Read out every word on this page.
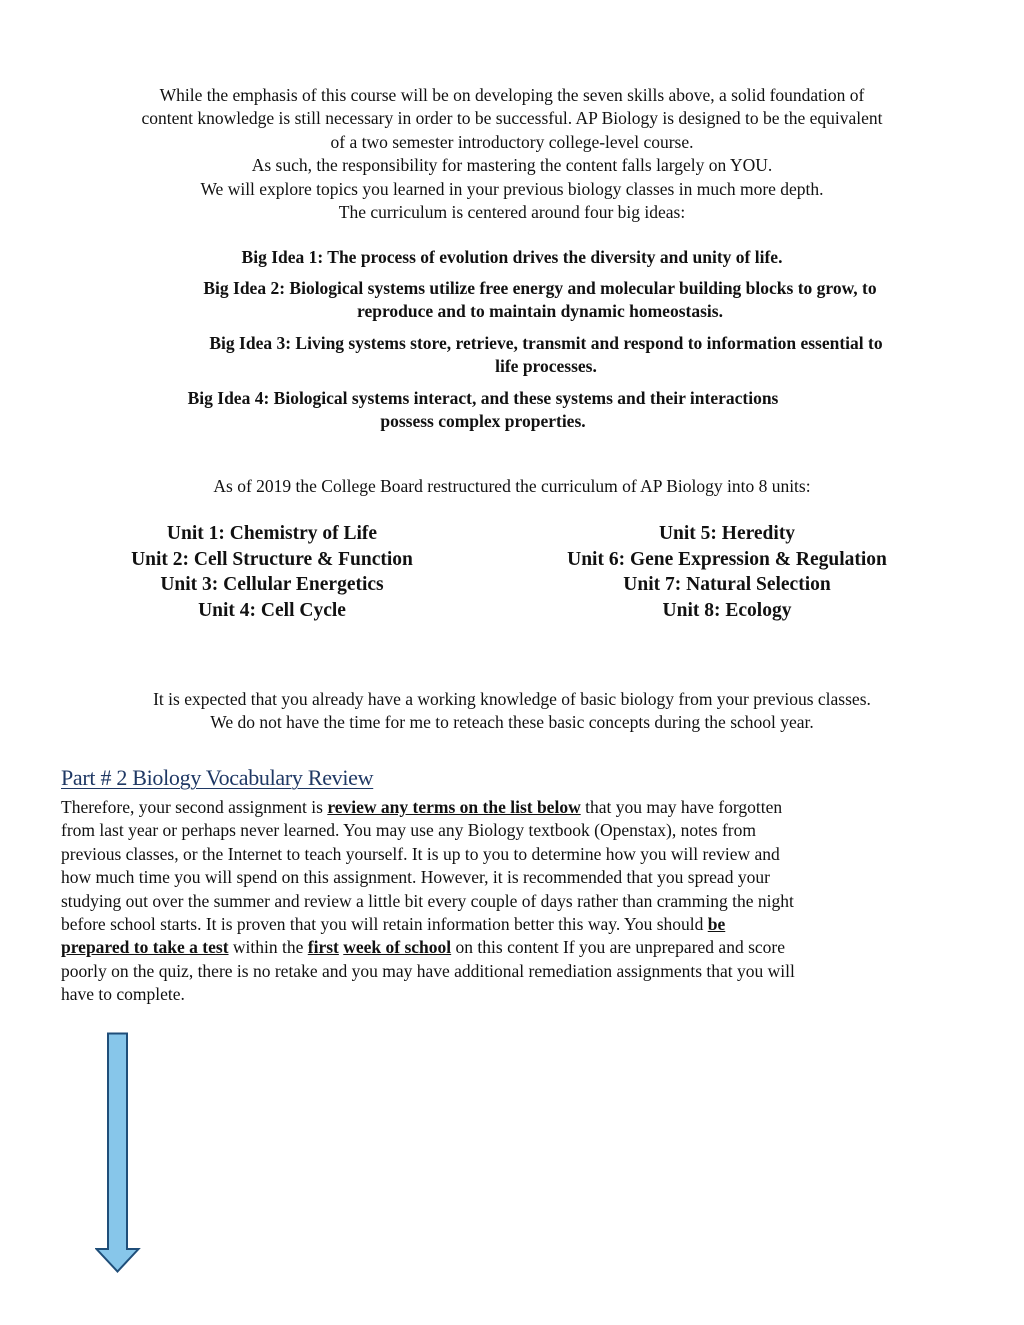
While the emphasis of this course will be on developing the seven skills above, a solid foundation of
content knowledge is still necessary in order to be successful. AP Biology is designed to be the equivalent
of a two semester introductory college-level course.
As such, the responsibility for mastering the content falls largely on YOU.
We will explore topics you learned in your previous biology classes in much more depth.
The curriculum is centered around four big ideas:
Big Idea 1: The process of evolution drives the diversity and unity of life.
Big Idea 2: Biological systems utilize free energy and molecular building blocks to grow, to
reproduce and to maintain dynamic homeostasis.
Big Idea 3: Living systems store, retrieve, transmit and respond to information essential to
life processes.
Big Idea 4: Biological systems interact, and these systems and their interactions
possess complex properties.
As of 2019 the College Board restructured the curriculum of AP Biology into 8 units:
Unit 1: Chemistry of Life
Unit 2: Cell Structure & Function
Unit 3: Cellular Energetics
Unit 4: Cell Cycle
Unit 5: Heredity
Unit 6: Gene Expression & Regulation
Unit 7: Natural Selection
Unit 8: Ecology
It is expected that you already have a working knowledge of basic biology from your previous classes.
We do not have the time for me to reteach these basic concepts during the school year.
Part # 2 Biology Vocabulary Review
Therefore, your second assignment is review any terms on the list below that you may have forgotten
from last year or perhaps never learned. You may use any Biology textbook (Openstax), notes from
previous classes, or the Internet to teach yourself. It is up to you to determine how you will review and
how much time you will spend on this assignment. However, it is recommended that you spread your
studying out over the summer and review a little bit every couple of days rather than cramming the night
before school starts. It is proven that you will retain information better this way. You should be
prepared to take a test within the first week of school on this content If you are unprepared and score
poorly on the quiz, there is no retake and you may have additional remediation assignments that you will
have to complete.
